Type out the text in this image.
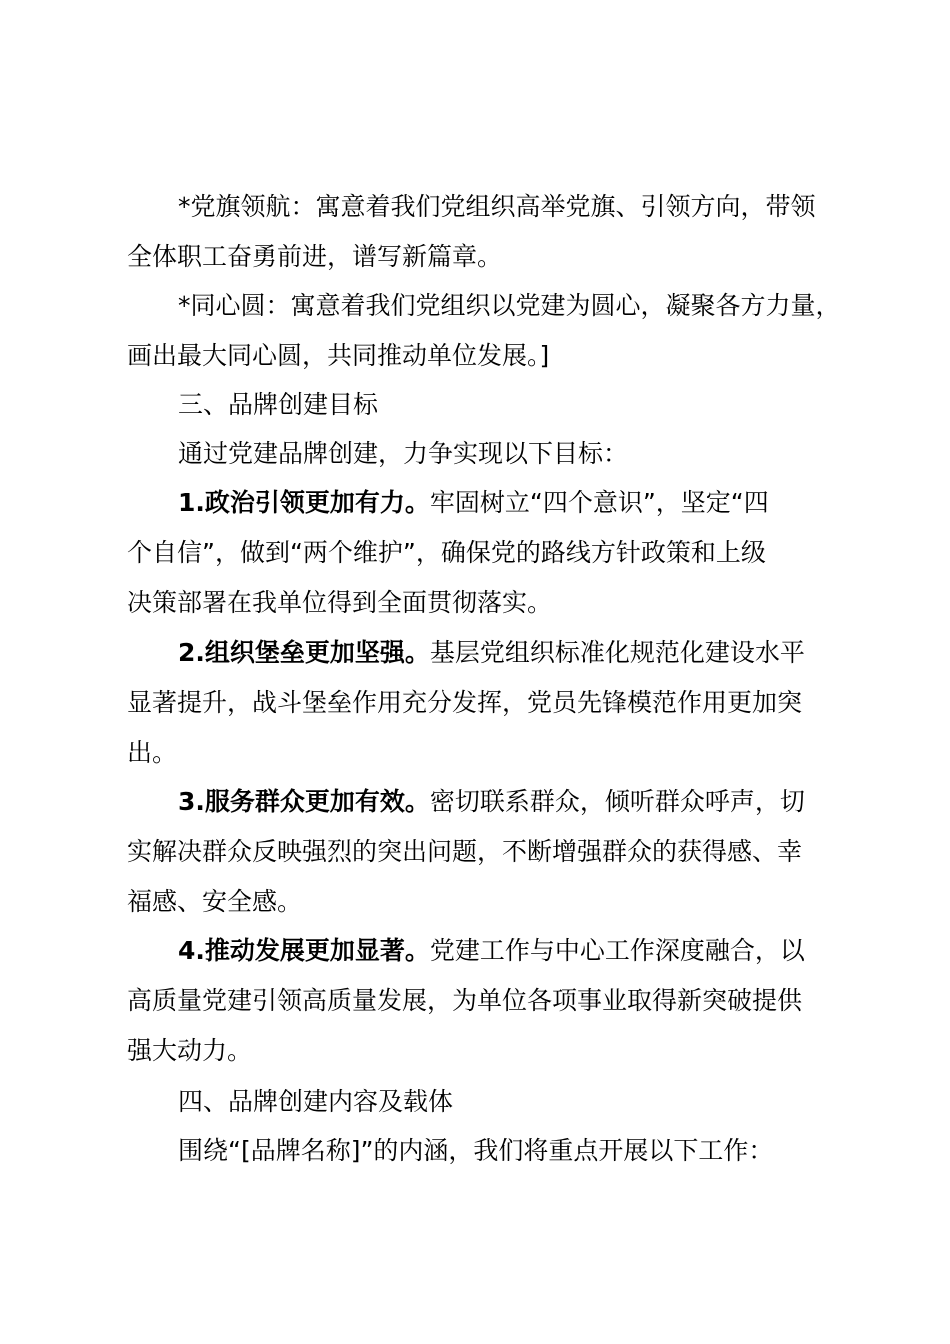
*党旗领航：寓意着我们党组织高举党旗、引领方向，带领
全体职工奋勇前进，谱写新篇章。

*同心圆：寓意着我们党组织以党建为圆心，凝聚各方力量，
画出最大同心圆，共同推动单位发展。]

三、品牌创建目标

通过党建品牌创建，力争实现以下目标：

1.政治引领更加有力。牢固树立“四个意识”，坚定“四
个自信”，做到“两个维护”，确保党的路线方针政策和上级
决策部署在我单位得到全面贯彻落实。

2.组织堡垒更加坚强。基层党组织标准化规范化建设水平
显著提升，战斗堡垒作用充分发挥，党员先锋模范作用更加突
出。

3.服务群众更加有效。密切联系群众，倾听群众呼声，切
实解决群众反映强烈的突出问题，不断增强群众的获得感、幸
福感、安全感。

4.推动发展更加显著。党建工作与中心工作深度融合，以
高质量党建引领高质量发展，为单位各项事业取得新突破提供
强大动力。

四、品牌创建内容及载体

围绕“[品牌名称]”的内涵，我们将重点开展以下工作：
